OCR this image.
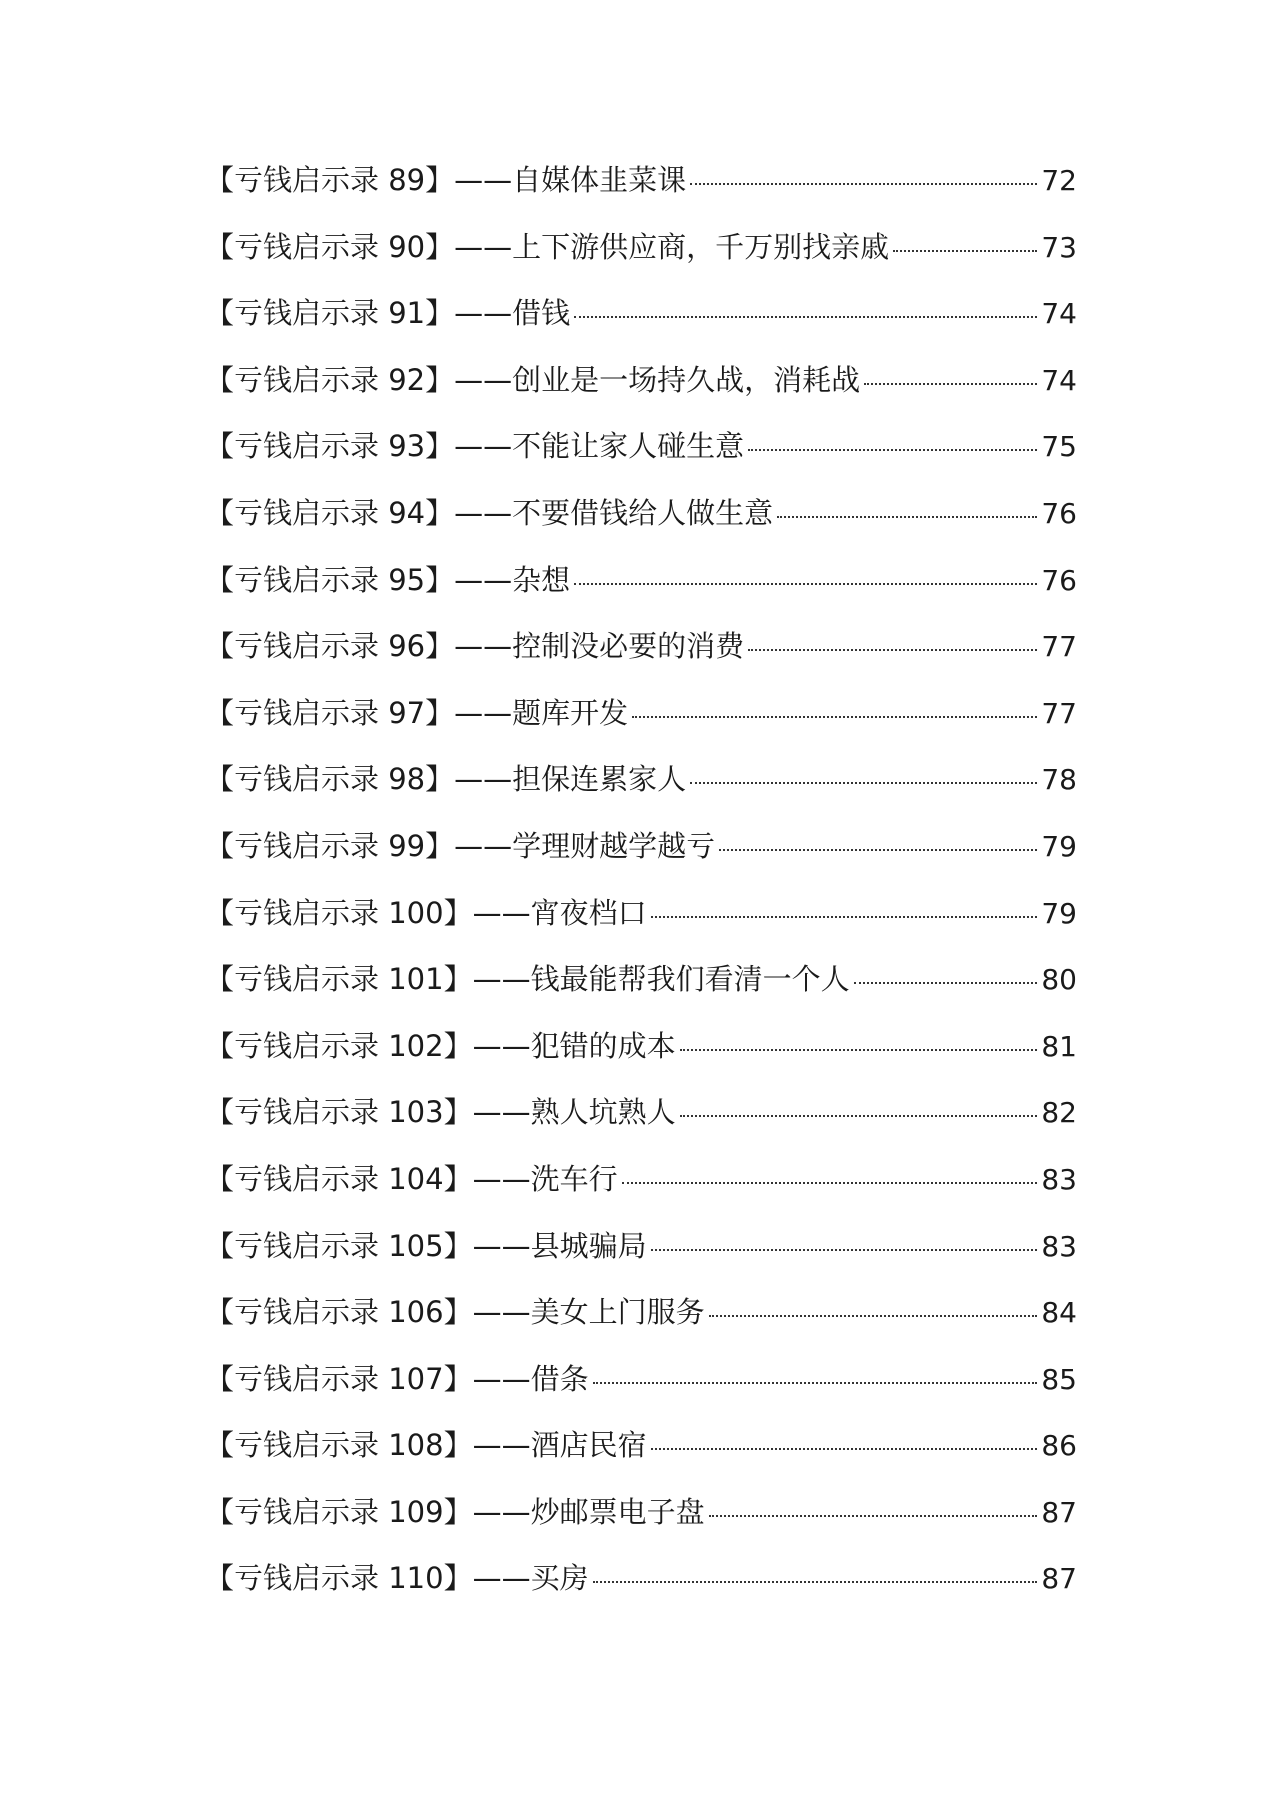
【亏钱启示录 89】——自媒体韭菜课	72
【亏钱启示录 90】——上下游供应商，千万别找亲戚	73
【亏钱启示录 91】——借钱	74
【亏钱启示录 92】——创业是一场持久战，消耗战	74
【亏钱启示录 93】——不能让家人碰生意	75
【亏钱启示录 94】——不要借钱给人做生意	76
【亏钱启示录 95】——杂想	76
【亏钱启示录 96】——控制没必要的消费	77
【亏钱启示录 97】——题库开发	77
【亏钱启示录 98】——担保连累家人	78
【亏钱启示录 99】——学理财越学越亏	79
【亏钱启示录 100】——宵夜档口	79
【亏钱启示录 101】——钱最能帮我们看清一个人	80
【亏钱启示录 102】——犯错的成本	81
【亏钱启示录 103】——熟人坑熟人	82
【亏钱启示录 104】——洗车行	83
【亏钱启示录 105】——县城骗局	83
【亏钱启示录 106】——美女上门服务	84
【亏钱启示录 107】——借条	85
【亏钱启示录 108】——酒店民宿	86
【亏钱启示录 109】——炒邮票电子盘	87
【亏钱启示录 110】——买房	87
